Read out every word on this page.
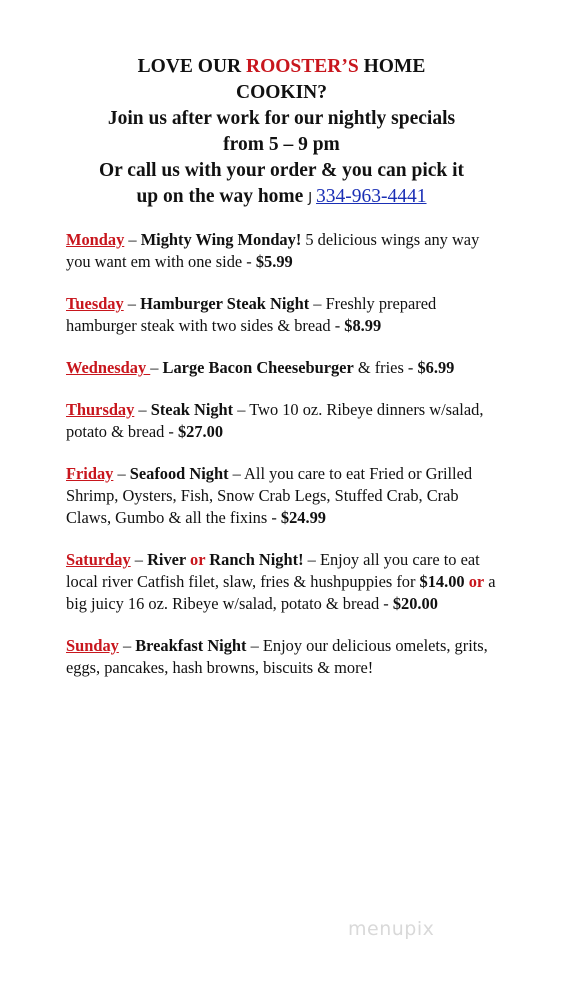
LOVE OUR ROOSTER’S HOME
COOKIN?
Join us after work for our nightly specials
from 5 – 9 pm
Or call us with your order & you can pick it
up on the way home J 334-963-4441

Monday – Mighty Wing Monday! 5 delicious wings any way you want em with one side - $5.99

Tuesday – Hamburger Steak Night – Freshly prepared hamburger steak with two sides & bread - $8.99

Wednesday – Large Bacon Cheeseburger & fries - $6.99

Thursday – Steak Night – Two 10 oz. Ribeye dinners w/salad, potato & bread - $27.00

Friday – Seafood Night – All you care to eat Fried or Grilled Shrimp, Oysters, Fish, Snow Crab Legs, Stuffed Crab, Crab Claws, Gumbo & all the fixins - $24.99

Saturday – River or Ranch Night! – Enjoy all you care to eat local river Catfish filet, slaw, fries & hushpuppies for $14.00 or a big juicy 16 oz. Ribeye w/salad, potato & bread - $20.00

Sunday – Breakfast Night – Enjoy our delicious omelets, grits, eggs, pancakes, hash browns, biscuits & more!

menupix
